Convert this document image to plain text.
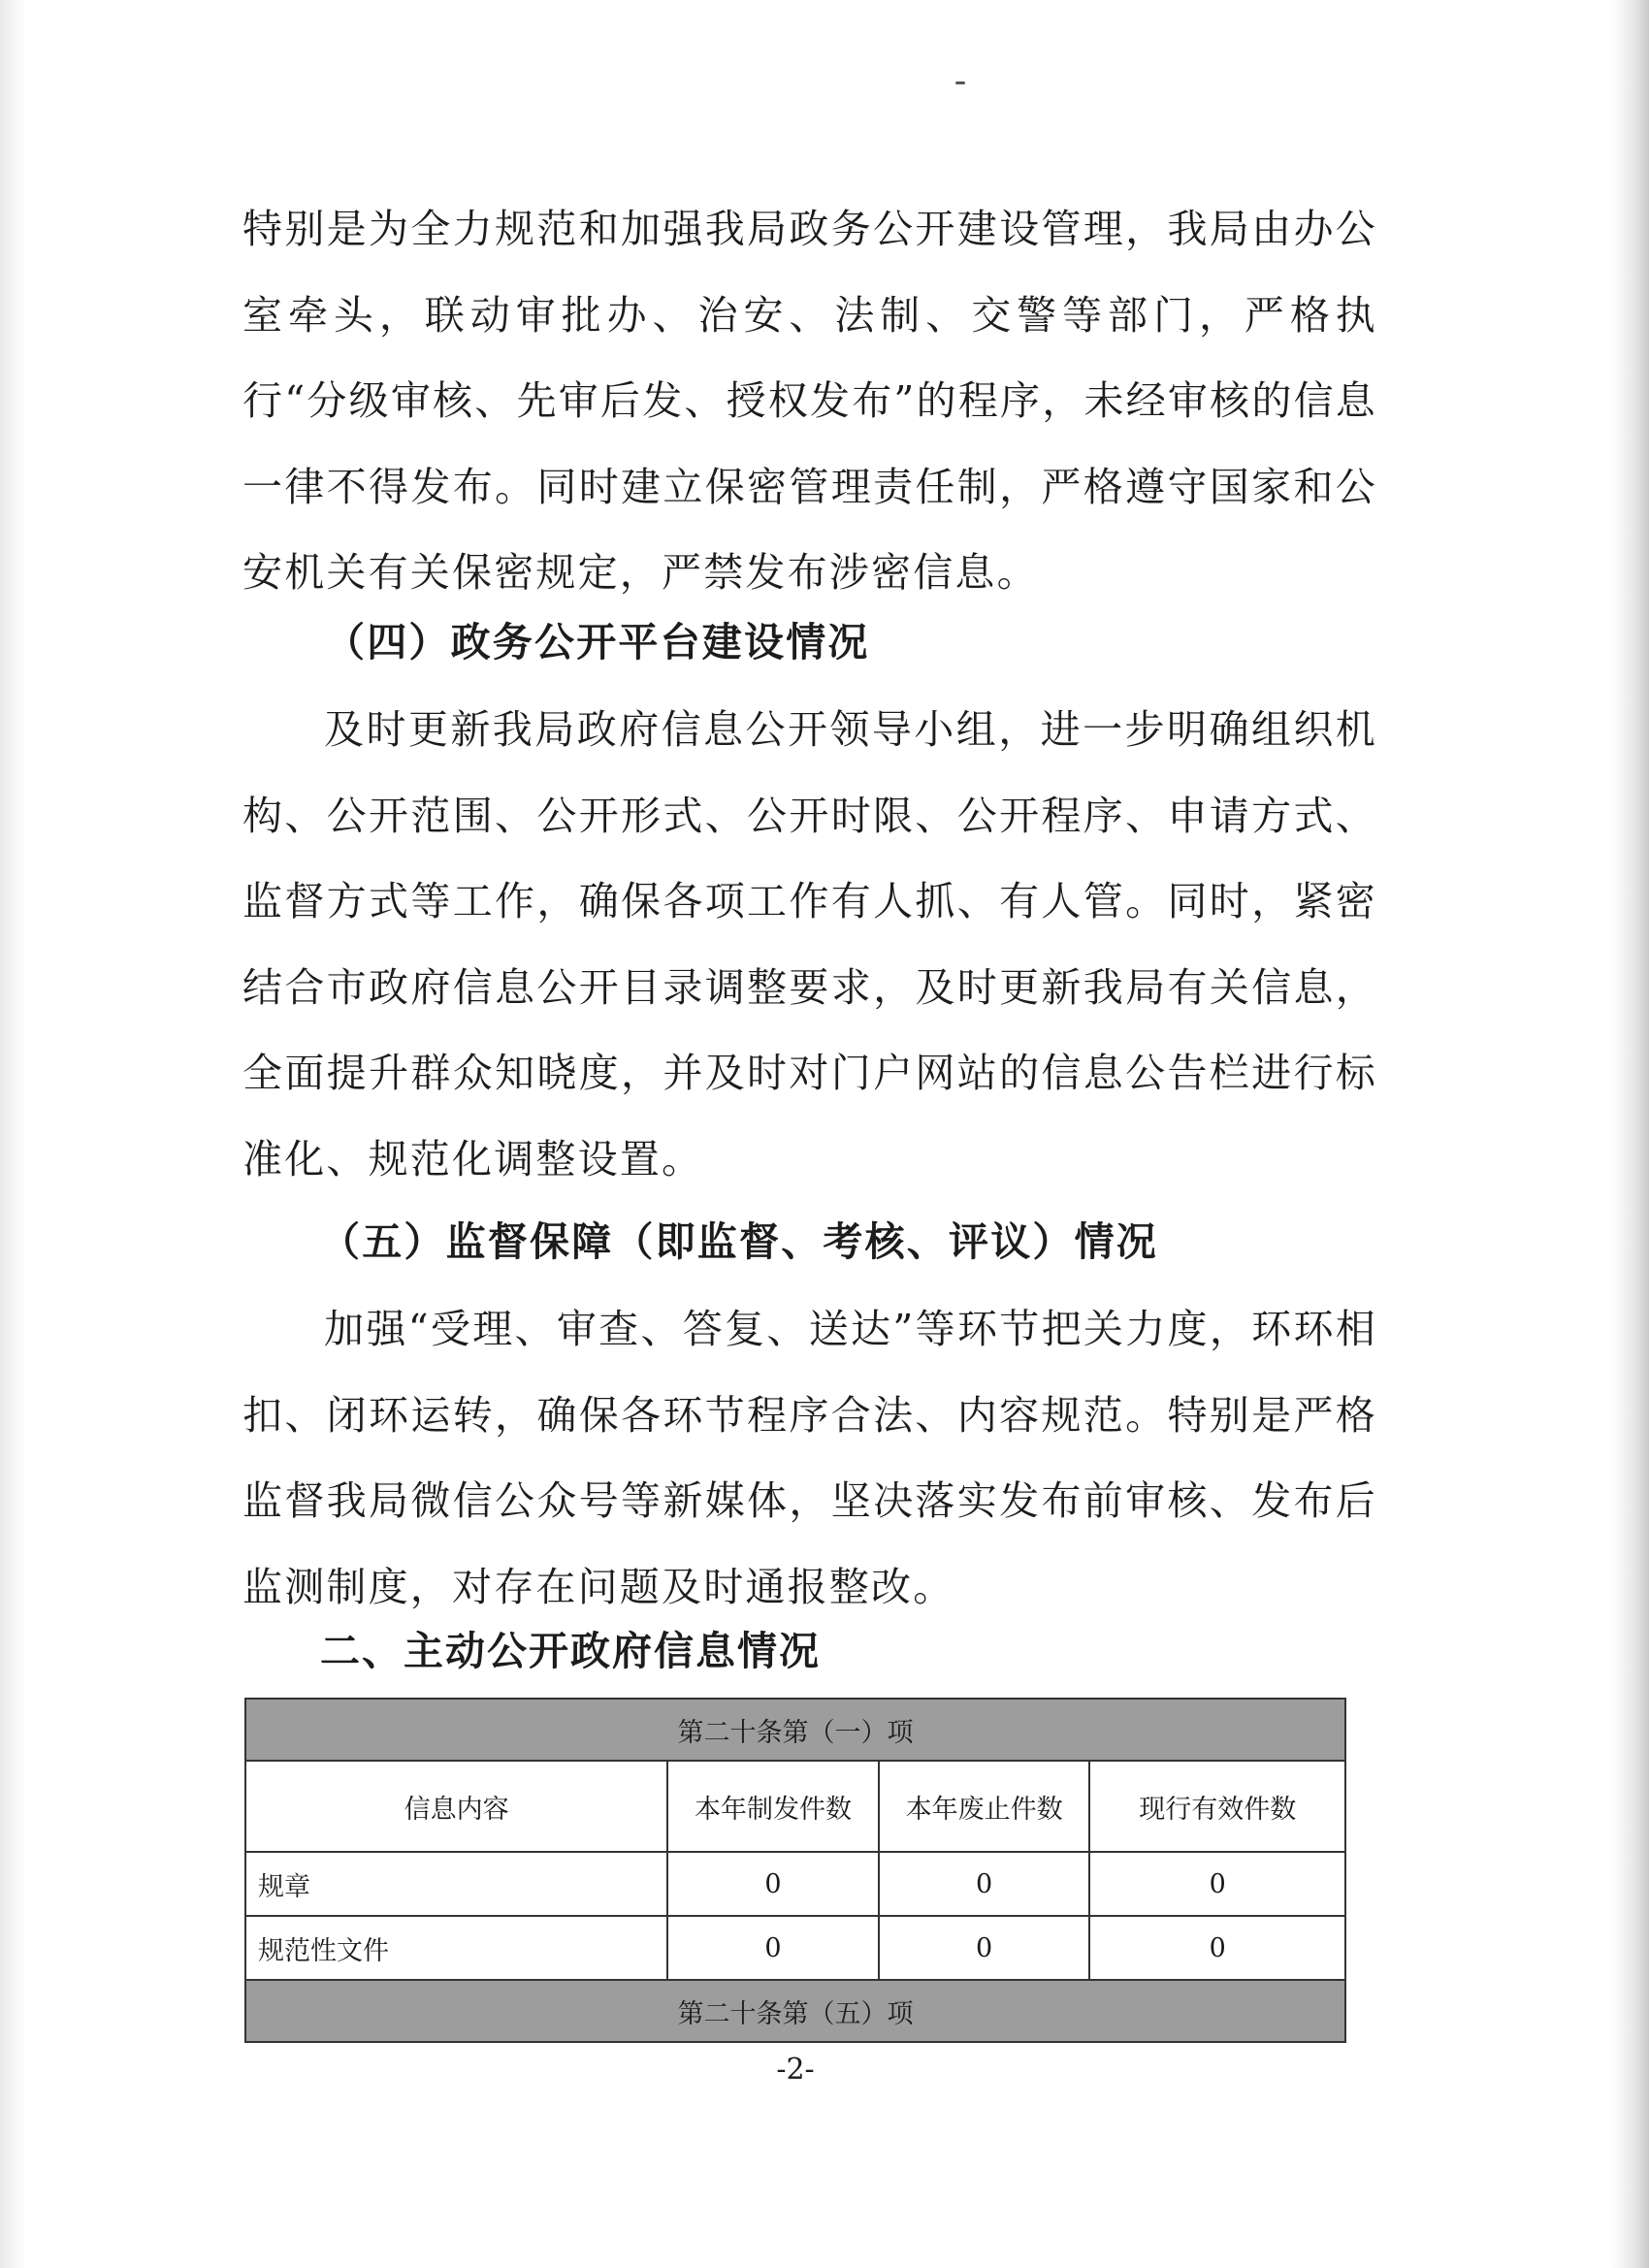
特别是为全力规范和加强我局政务公开建设管理，我局由办公室牵头，联动审批办、治安、法制、交警等部门，严格执行“分级审核、先审后发、授权发布”的程序，未经审核的信息一律不得发布。同时建立保密管理责任制，严格遵守国家和公安机关有关保密规定，严禁发布涉密信息。

（四）政务公开平台建设情况

及时更新我局政府信息公开领导小组，进一步明确组织机构、公开范围、公开形式、公开时限、公开程序、申请方式、监督方式等工作，确保各项工作有人抓、有人管。同时，紧密结合市政府信息公开目录调整要求，及时更新我局有关信息，全面提升群众知晓度，并及时对门户网站的信息公告栏进行标准化、规范化调整设置。

（五）监督保障（即监督、考核、评议）情况

加强“受理、审查、答复、送达”等环节把关力度，环环相扣、闭环运转，确保各环节程序合法、内容规范。特别是严格监督我局微信公众号等新媒体，坚决落实发布前审核、发布后监测制度，对存在问题及时通报整改。

二、主动公开政府信息情况
第二十条第（一）项			
信息内容	本年制发件数	本年废止件数	现行有效件数
规章	0	0	0
规范性文件	0	0	0
第二十条第（五）项			
-2-
